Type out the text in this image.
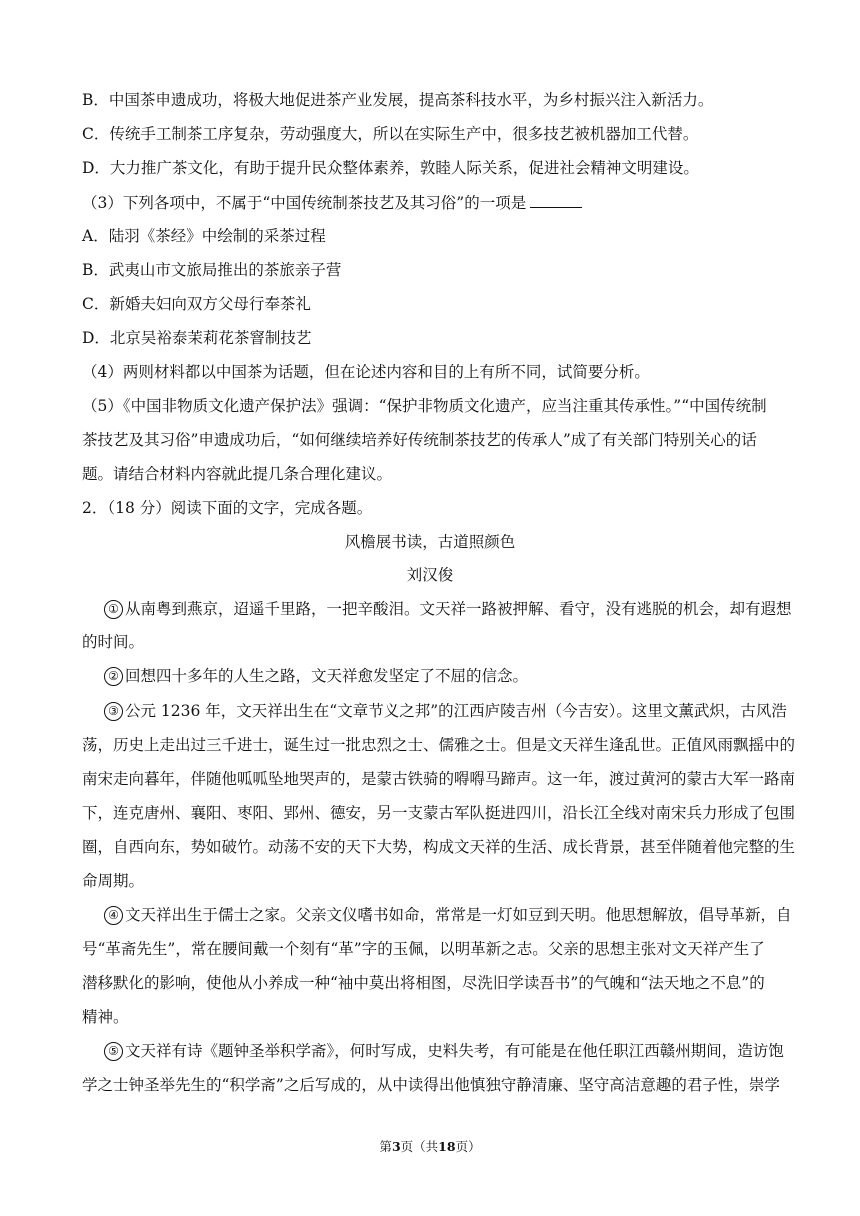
B．中国茶申遗成功，将极大地促进茶产业发展，提高茶科技水平，为乡村振兴注入新活力。
C．传统手工制茶工序复杂，劳动强度大，所以在实际生产中，很多技艺被机器加工代替。
D．大力推广茶文化，有助于提升民众整体素养，敦睦人际关系，促进社会精神文明建设。
（3）下列各项中，不属于“中国传统制茶技艺及其习俗”的一项是
A．陆羽《茶经》中绘制的采茶过程
B．武夷山市文旅局推出的茶旅亲子营
C．新婚夫妇向双方父母行奉茶礼
D．北京吴裕泰茉莉花茶窨制技艺
（4）两则材料都以中国茶为话题，但在论述内容和目的上有所不同，试简要分析。
（5）《中国非物质文化遗产保护法》强调：“保护非物质文化遗产，应当注重其传承性。”“中国传统制
茶技艺及其习俗”申遗成功后，“如何继续培养好传统制茶技艺的传承人”成了有关部门特别关心的话
题。请结合材料内容就此提几条合理化建议。
2．（18 分）阅读下面的文字，完成各题。
风檐展书读，古道照颜色
刘汉俊
① 从南粤到燕京，迢遥千里路，一把辛酸泪。文天祥一路被押解、看守，没有逃脱的机会，却有遐想
的时间。
② 回想四十多年的人生之路，文天祥愈发坚定了不屈的信念。
③ 公元 1236 年，文天祥出生在“文章节义之邦”的江西庐陵吉州（今吉安）。这里文薰武炽，古风浩
荡，历史上走出过三千进士，诞生过一批忠烈之士、儒雅之士。但是文天祥生逢乱世。正值风雨飘摇中的
南宋走向暮年，伴随他呱呱坠地哭声的，是蒙古铁骑的嘚嘚马蹄声。这一年，渡过黄河的蒙古大军一路南
下，连克唐州、襄阳、枣阳、郢州、德安，另一支蒙古军队挺进四川，沿长江全线对南宋兵力形成了包围
圈，自西向东，势如破竹。动荡不安的天下大势，构成文天祥的生活、成长背景，甚至伴随着他完整的生
命周期。
④ 文天祥出生于儒士之家。父亲文仪嗜书如命，常常是一灯如豆到天明。他思想解放，倡导革新，自
号“革斋先生”，常在腰间戴一个刻有“革”字的玉佩，以明革新之志。父亲的思想主张对文天祥产生了
潜移默化的影响，使他从小养成一种“袖中莫出将相图，尽洗旧学读吾书”的气魄和“法天地之不息”的
精神。
⑤ 文天祥有诗《题钟圣举积学斋》，何时写成，史料失考，有可能是在他任职江西赣州期间，造访饱
学之士钟圣举先生的“积学斋”之后写成的，从中读得出他慎独守静清廉、坚守高洁意趣的君子性，崇学
第3页（共18页）
